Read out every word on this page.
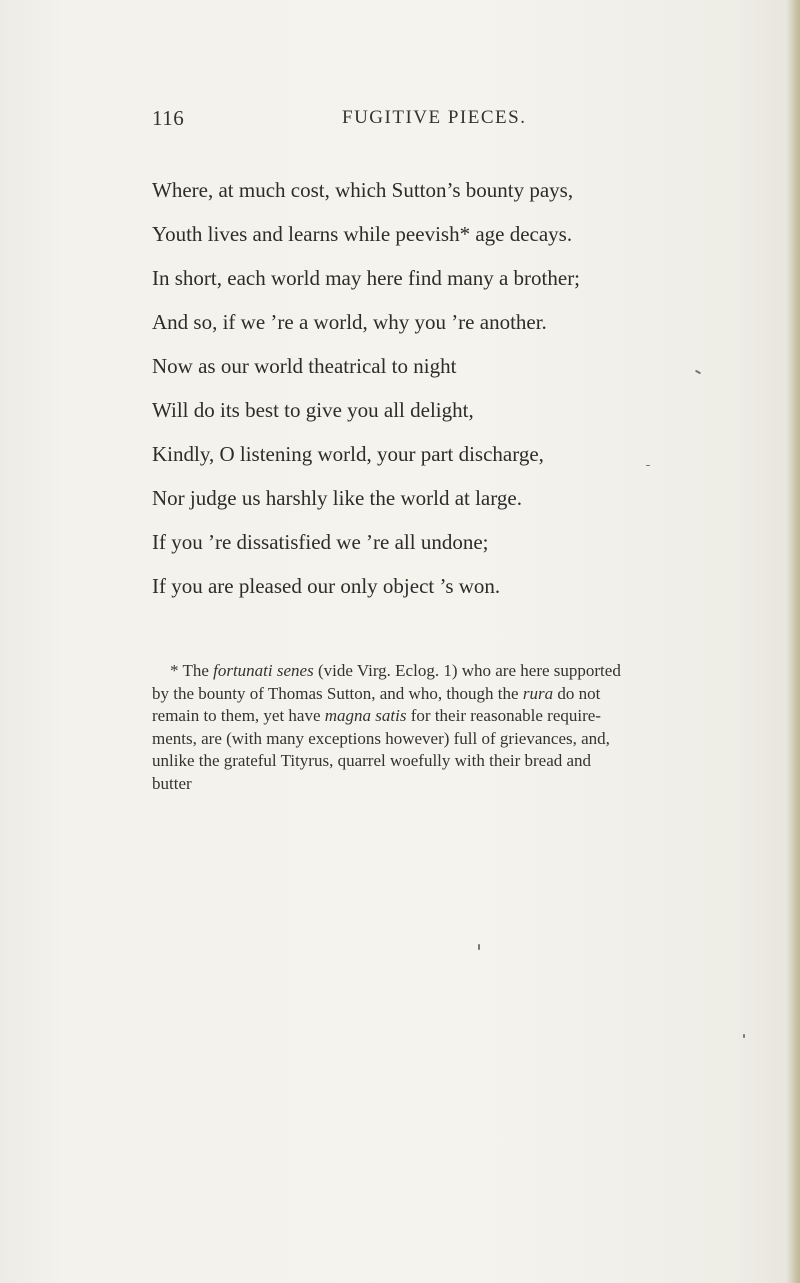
116	FUGITIVE PIECES.
Where, at much cost, which Sutton’s bounty pays,
Youth lives and learns while peevish* age decays.
In short, each world may here find many a brother;
And so, if we ’re a world, why you ’re another.
Now as our world theatrical to night
Will do its best to give you all delight,
Kindly, O listening world, your part discharge,
Nor judge us harshly like the world at large.
If you ’re dissatisfied we ’re all undone;
If you are pleased our only object ’s won.
* The fortunati senes (vide Virg. Eclog. 1) who are here supported
by the bounty of Thomas Sutton, and who, though the rura do not
remain to them, yet have magna satis for their reasonable require-
ments, are (with many exceptions however) full of grievances, and,
unlike the grateful Tityrus, quarrel woefully with their bread and
butter
